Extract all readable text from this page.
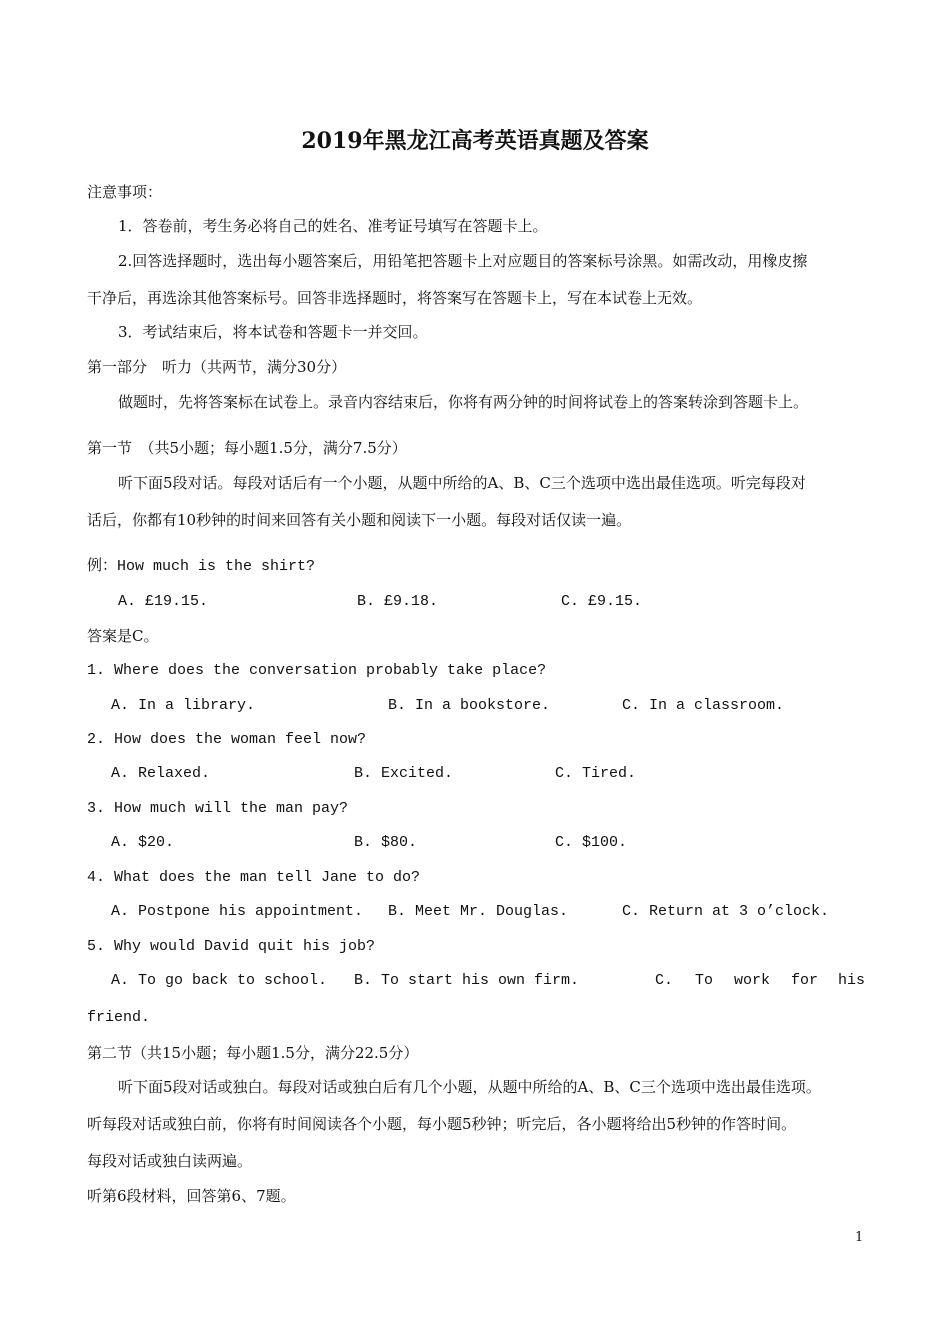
2019年黑龙江高考英语真题及答案
注意事项：
1．答卷前，考生务必将自己的姓名、准考证号填写在答题卡上。
2.回答选择题时，选出每小题答案后，用铅笔把答题卡上对应题目的答案标号涂黑。如需改动，用橡皮擦
干净后，再选涂其他答案标号。回答非选择题时，将答案写在答题卡上，写在本试卷上无效。
3．考试结束后，将本试卷和答题卡一并交回。
第一部分　听力（共两节，满分30分）
做题时，先将答案标在试卷上。录音内容结束后，你将有两分钟的时间将试卷上的答案转涂到答题卡上。
第一节　（共5小题；每小题1.5分，满分7.5分）
听下面5段对话。每段对话后有一个小题，从题中所给的A、B、C三个选项中选出最佳选项。听完每段对
话后，你都有10秒钟的时间来回答有关小题和阅读下一小题。每段对话仅读一遍。
例：How much is the shirt?
A. £19.15.	B. £9.18.	C. £9.15.
答案是C。
1. Where does the conversation probably take place?
A. In a library.	B. In a bookstore.	C. In a classroom.
2. How does the woman feel now?
A. Relaxed.	B. Excited.	C. Tired.
3. How much will the man pay?
A. $20.	B. $80.	C. $100.
4. What does the man tell Jane to do?
A. Postpone his appointment. B. Meet Mr. Douglas.	C. Return at 3 o’clock.
5. Why would David quit his job?
A. To go back to school. B. To start his own firm.	C. To work for his
friend.
第二节（共15小题；每小题1.5分，满分22.5分）
听下面5段对话或独白。每段对话或独白后有几个小题，从题中所给的A、B、C三个选项中选出最佳选项。
听每段对话或独白前，你将有时间阅读各个小题，每小题5秒钟；听完后，各小题将给出5秒钟的作答时间。
每段对话或独白读两遍。
听第6段材料，回答第6、7题。
1
